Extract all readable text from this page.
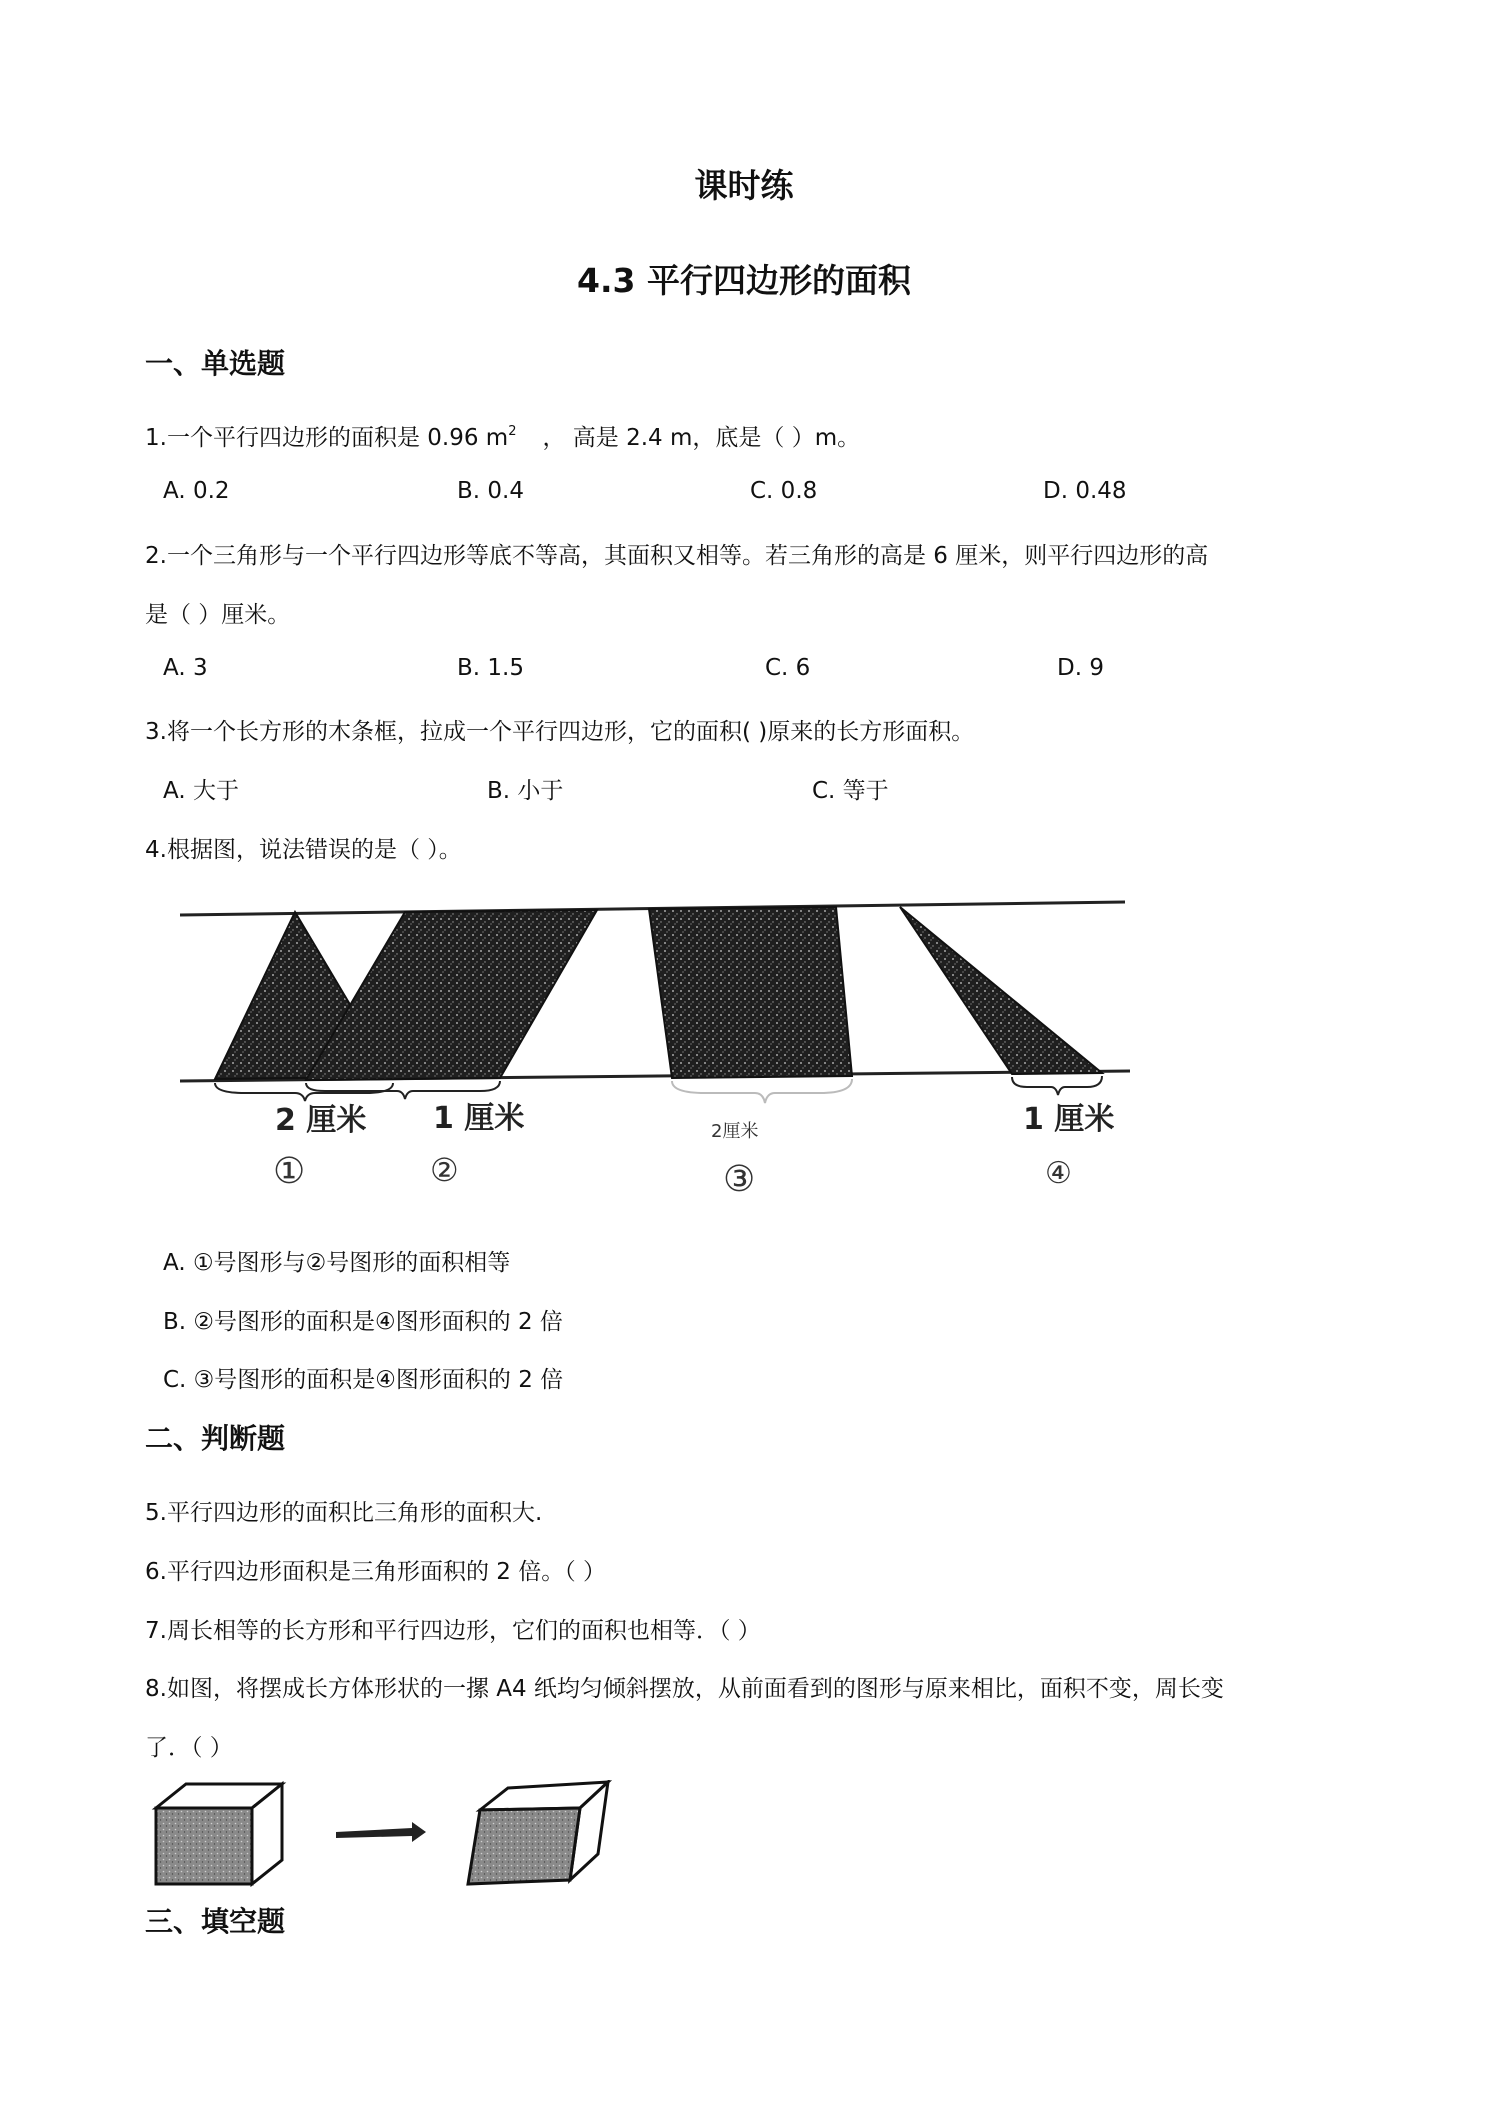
课时练
4.3 平行四边形的面积
一、单选题
1.一个平行四边形的面积是 0.96 $m^2$ ， 高是 2.4 m，底是（ ）m。
A. 0.2	B. 0.4	C. 0.8	D. 0.48
2.一个三角形与一个平行四边形等底不等高，其面积又相等。若三角形的高是 6 厘米，则平行四边形的高
是（ ）厘米。
A. 3	B. 1.5	C. 6	D. 9
3.将一个长方形的木条框，拉成一个平行四边形，它的面积( )原来的长方形面积。
A. 大于	B. 小于	C. 等于
4.根据图，说法错误的是（ ）。
2 厘米 1 厘米	2厘米	1 厘米
①	②	③	④
A. ①号图形与②号图形的面积相等
B. ②号图形的面积是④图形面积的 2 倍
C. ③号图形的面积是④图形面积的 2 倍
二、判断题
5.平行四边形的面积比三角形的面积大.
6.平行四边形面积是三角形面积的 2 倍。（ ）
7.周长相等的长方形和平行四边形，它们的面积也相等．（ ）
8.如图，将摆成长方体形状的一摞 A4 纸均匀倾斜摆放，从前面看到的图形与原来相比，面积不变，周长变
了．（ ）
三、填空题
